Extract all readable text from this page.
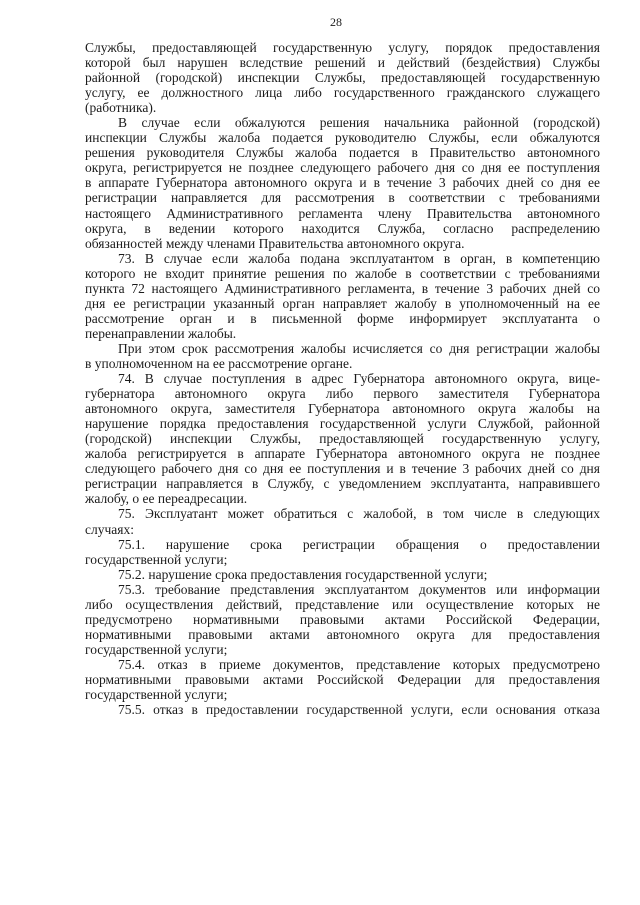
28
Службы, предоставляющей государственную услугу, порядок предоставления
которой был нарушен вследствие решений и действий (бездействия) Службы
районной (городской) инспекции Службы, предоставляющей государственную
услугу, ее должностного лица либо государственного гражданского служащего
(работника).
В случае если обжалуются решения начальника районной (городской)
инспекции Службы жалоба подается руководителю Службы, если обжалуются
решения руководителя Службы жалоба подается в Правительство автономного
округа, регистрируется не позднее следующего рабочего дня со дня ее поступления
в аппарате Губернатора автономного округа и в течение 3 рабочих дней со дня ее
регистрации направляется для рассмотрения в соответствии с требованиями
настоящего Административного регламента члену Правительства автономного
округа, в ведении которого находится Служба, согласно распределению
обязанностей между членами Правительства автономного округа.
73. В случае если жалоба подана эксплуатантом в орган, в компетенцию
которого не входит принятие решения по жалобе в соответствии с требованиями
пункта 72 настоящего Административного регламента, в течение 3 рабочих дней со
дня ее регистрации указанный орган направляет жалобу в уполномоченный на ее
рассмотрение орган и в письменной форме информирует эксплуатанта о
перенаправлении жалобы.
При этом срок рассмотрения жалобы исчисляется со дня регистрации жалобы
в уполномоченном на ее рассмотрение органе.
74. В случае поступления в адрес Губернатора автономного округа, вице-
губернатора автономного округа либо первого заместителя Губернатора
автономного округа, заместителя Губернатора автономного округа жалобы на
нарушение порядка предоставления государственной услуги Службой, районной
(городской) инспекции Службы, предоставляющей государственную услугу,
жалоба регистрируется в аппарате Губернатора автономного округа не позднее
следующего рабочего дня со дня ее поступления и в течение 3 рабочих дней со дня
регистрации направляется в Службу, с уведомлением эксплуатанта, направившего
жалобу, о ее переадресации.
75. Эксплуатант может обратиться с жалобой, в том числе в следующих
случаях:
75.1. нарушение срока регистрации обращения о предоставлении
государственной услуги;
75.2. нарушение срока предоставления государственной услуги;
75.3. требование представления эксплуатантом документов или информации
либо осуществления действий, представление или осуществление которых не
предусмотрено нормативными правовыми актами Российской Федерации,
нормативными правовыми актами автономного округа для предоставления
государственной услуги;
75.4. отказ в приеме документов, представление которых предусмотрено
нормативными правовыми актами Российской Федерации для предоставления
государственной услуги;
75.5. отказ в предоставлении государственной услуги, если основания отказа
